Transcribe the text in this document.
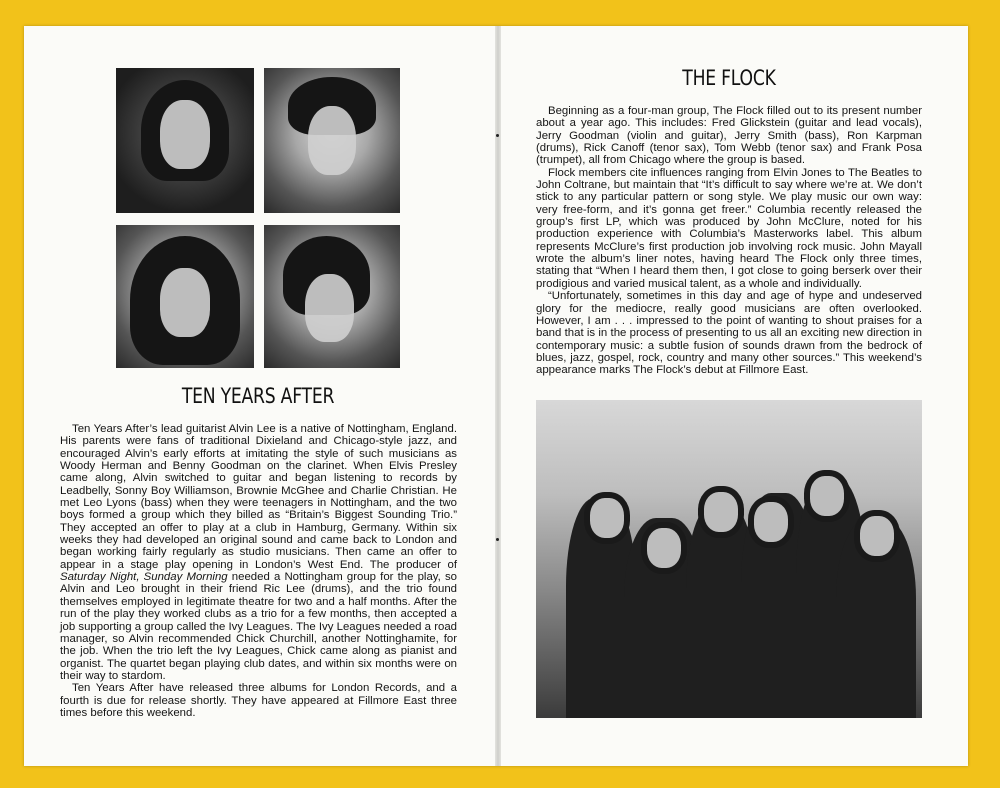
TEN YEARS AFTER

Ten Years After’s lead guitarist Alvin Lee is a native of Nottingham, England. His parents were fans of traditional Dixieland and Chicago-style jazz, and encouraged Alvin’s early efforts at imitating the style of such musicians as Woody Herman and Benny Goodman on the clarinet. When Elvis Presley came along, Alvin switched to guitar and began listening to records by Leadbelly, Sonny Boy Williamson, Brownie McGhee and Charlie Christian. He met Leo Lyons (bass) when they were teenagers in Nottingham, and the two boys formed a group which they billed as “Britain’s Biggest Sounding Trio.” They accepted an offer to play at a club in Hamburg, Germany. Within six weeks they had developed an original sound and came back to London and began working fairly regularly as studio musicians. Then came an offer to appear in a stage play opening in London’s West End. The producer of Saturday Night, Sunday Morning needed a Nottingham group for the play, so Alvin and Leo brought in their friend Ric Lee (drums), and the trio found themselves employed in legitimate theatre for two and a half months. After the run of the play they worked clubs as a trio for a few months, then accepted a job supporting a group called the Ivy Leagues. The Ivy Leagues needed a road manager, so Alvin recommended Chick Churchill, another Nottinghamite, for the job. When the trio left the Ivy Leagues, Chick came along as pianist and organist. The quartet began playing club dates, and within six months were on their way to stardom.

Ten Years After have released three albums for London Records, and a fourth is due for release shortly. They have appeared at Fillmore East three times before this weekend.

THE FLOCK

Beginning as a four-man group, The Flock filled out to its present number about a year ago. This includes: Fred Glickstein (guitar and lead vocals), Jerry Goodman (violin and guitar), Jerry Smith (bass), Ron Karpman (drums), Rick Canoff (tenor sax), Tom Webb (tenor sax) and Frank Posa (trumpet), all from Chicago where the group is based.

Flock members cite influences ranging from Elvin Jones to The Beatles to John Coltrane, but maintain that “It’s difficult to say where we’re at. We don’t stick to any particular pattern or song style. We play music our own way: very free-form, and it’s gonna get freer.” Columbia recently released the group’s first LP, which was produced by John McClure, noted for his production experience with Columbia’s Masterworks label. This album represents McClure’s first production job involving rock music. John Mayall wrote the album’s liner notes, having heard The Flock only three times, stating that “When I heard them then, I got close to going berserk over their prodigious and varied musical talent, as a whole and individually.

“Unfortunately, sometimes in this day and age of hype and undeserved glory for the mediocre, really good musicians are often overlooked. However, I am . . . impressed to the point of wanting to shout praises for a band that is in the process of presenting to us all an exciting new direction in contemporary music: a subtle fusion of sounds drawn from the bedrock of blues, jazz, gospel, rock, country and many other sources.” This weekend’s appearance marks The Flock’s debut at Fillmore East.
